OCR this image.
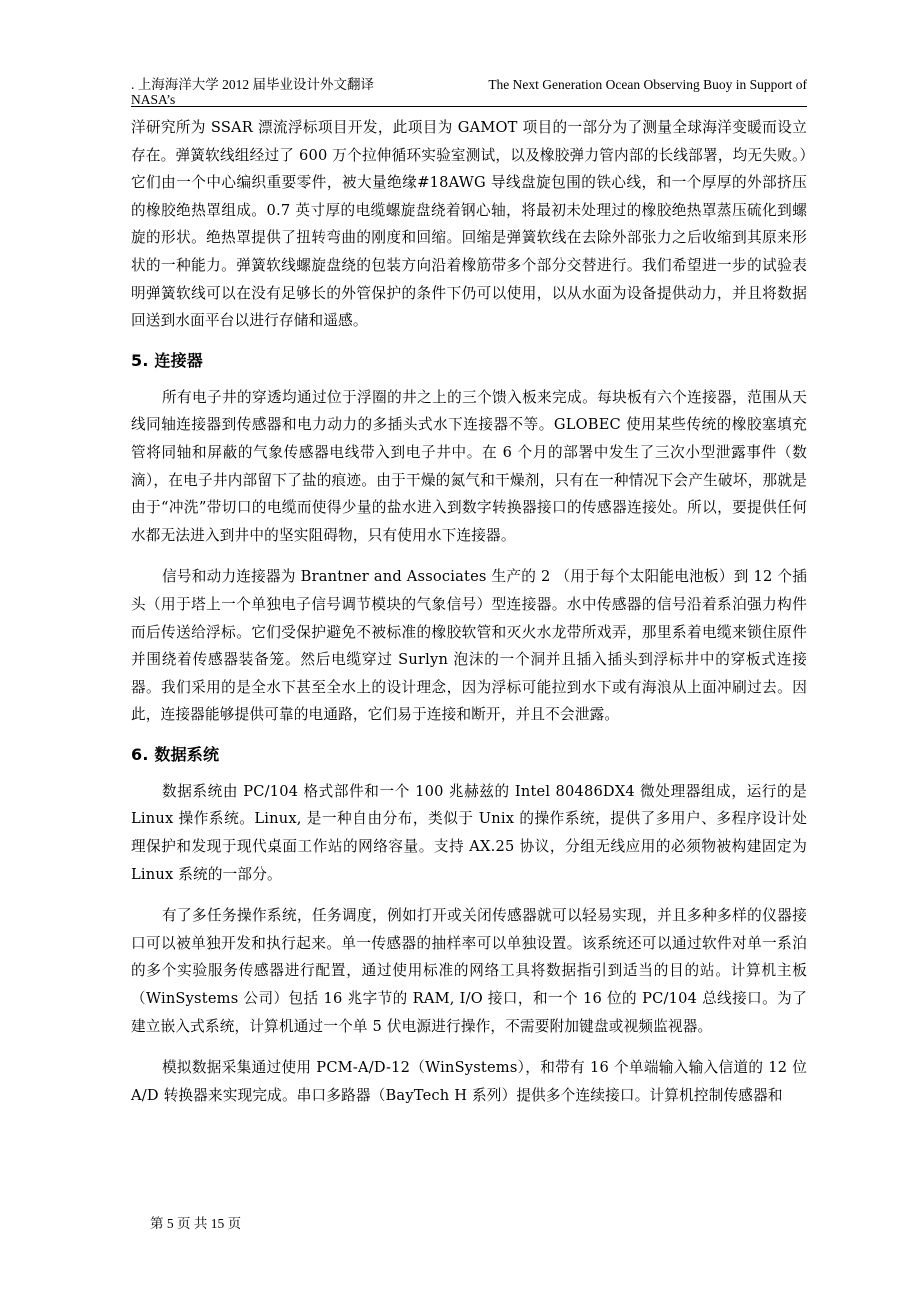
. 上海海洋大学 2012 届毕业设计外文翻译	The Next Generation Ocean Observing Buoy in Support of
NASA’s

洋研究所为 SSAR 漂流浮标项目开发，此项目为 GAMOT 项目的一部分为了测量全球海洋变暖而设立存在。弹簧软线组经过了 600 万个拉伸循环实验室测试，以及橡胶弹力管内部的长线部署，均无失败。）它们由一个中心编织重要零件，被大量绝缘#18AWG 导线盘旋包围的铁心线，和一个厚厚的外部挤压的橡胶绝热罩组成。0.7 英寸厚的电缆螺旋盘绕着钢心轴，将最初未处理过的橡胶绝热罩蒸压硫化到螺旋的形状。绝热罩提供了扭转弯曲的刚度和回缩。回缩是弹簧软线在去除外部张力之后收缩到其原来形状的一种能力。弹簧软线螺旋盘绕的包装方向沿着橡筋带多个部分交替进行。我们希望进一步的试验表明弹簧软线可以在没有足够长的外管保护的条件下仍可以使用，以从水面为设备提供动力，并且将数据回送到水面平台以进行存储和遥感。

5. 连接器

所有电子井的穿透均通过位于浮圈的井之上的三个馈入板来完成。每块板有六个连接器，范围从天线同轴连接器到传感器和电力动力的多插头式水下连接器不等。GLOBEC 使用某些传统的橡胶塞填充管将同轴和屏蔽的气象传感器电线带入到电子井中。在 6 个月的部署中发生了三次小型泄露事件（数滴），在电子井内部留下了盐的痕迹。由于干燥的氮气和干燥剂，只有在一种情况下会产生破坏，那就是由于“冲洗”带切口的电缆而使得少量的盐水进入到数字转换器接口的传感器连接处。所以，要提供任何水都无法进入到井中的坚实阻碍物，只有使用水下连接器。

信号和动力连接器为 Brantner and Associates 生产的 2 （用于每个太阳能电池板）到 12 个插头（用于塔上一个单独电子信号调节模块的气象信号）型连接器。水中传感器的信号沿着系泊强力构件而后传送给浮标。它们受保护避免不被标准的橡胶软管和灭火水龙带所戏弄，那里系着电缆来锁住原件并围绕着传感器装备笼。然后电缆穿过 Surlyn 泡沫的一个洞并且插入插头到浮标井中的穿板式连接器。我们采用的是全水下甚至全水上的设计理念，因为浮标可能拉到水下或有海浪从上面冲刷过去。因此，连接器能够提供可靠的电通路，它们易于连接和断开，并且不会泄露。

6. 数据系统

数据系统由 PC/104 格式部件和一个 100 兆赫兹的 Intel 80486DX4 微处理器组成，运行的是 Linux 操作系统。Linux, 是一种自由分布，类似于 Unix 的操作系统，提供了多用户、多程序设计处理保护和发现于现代桌面工作站的网络容量。支持 AX.25 协议，分组无线应用的必须物被构建固定为 Linux 系统的一部分。

有了多任务操作系统，任务调度，例如打开或关闭传感器就可以轻易实现，并且多种多样的仪器接口可以被单独开发和执行起来。单一传感器的抽样率可以单独设置。该系统还可以通过软件对单一系泊的多个实验服务传感器进行配置，通过使用标准的网络工具将数据指引到适当的目的站。计算机主板（WinSystems 公司）包括 16 兆字节的 RAM, I/O 接口，和一个 16 位的 PC/104 总线接口。为了建立嵌入式系统，计算机通过一个单 5 伏电源进行操作，不需要附加键盘或视频监视器。

模拟数据采集通过使用 PCM-A/D-12（WinSystems），和带有 16 个单端输入输入信道的 12 位 A/D 转换器来实现完成。串口多路器（BayTech H 系列）提供多个连续接口。计算机控制传感器和

第 5 页 共 15 页
